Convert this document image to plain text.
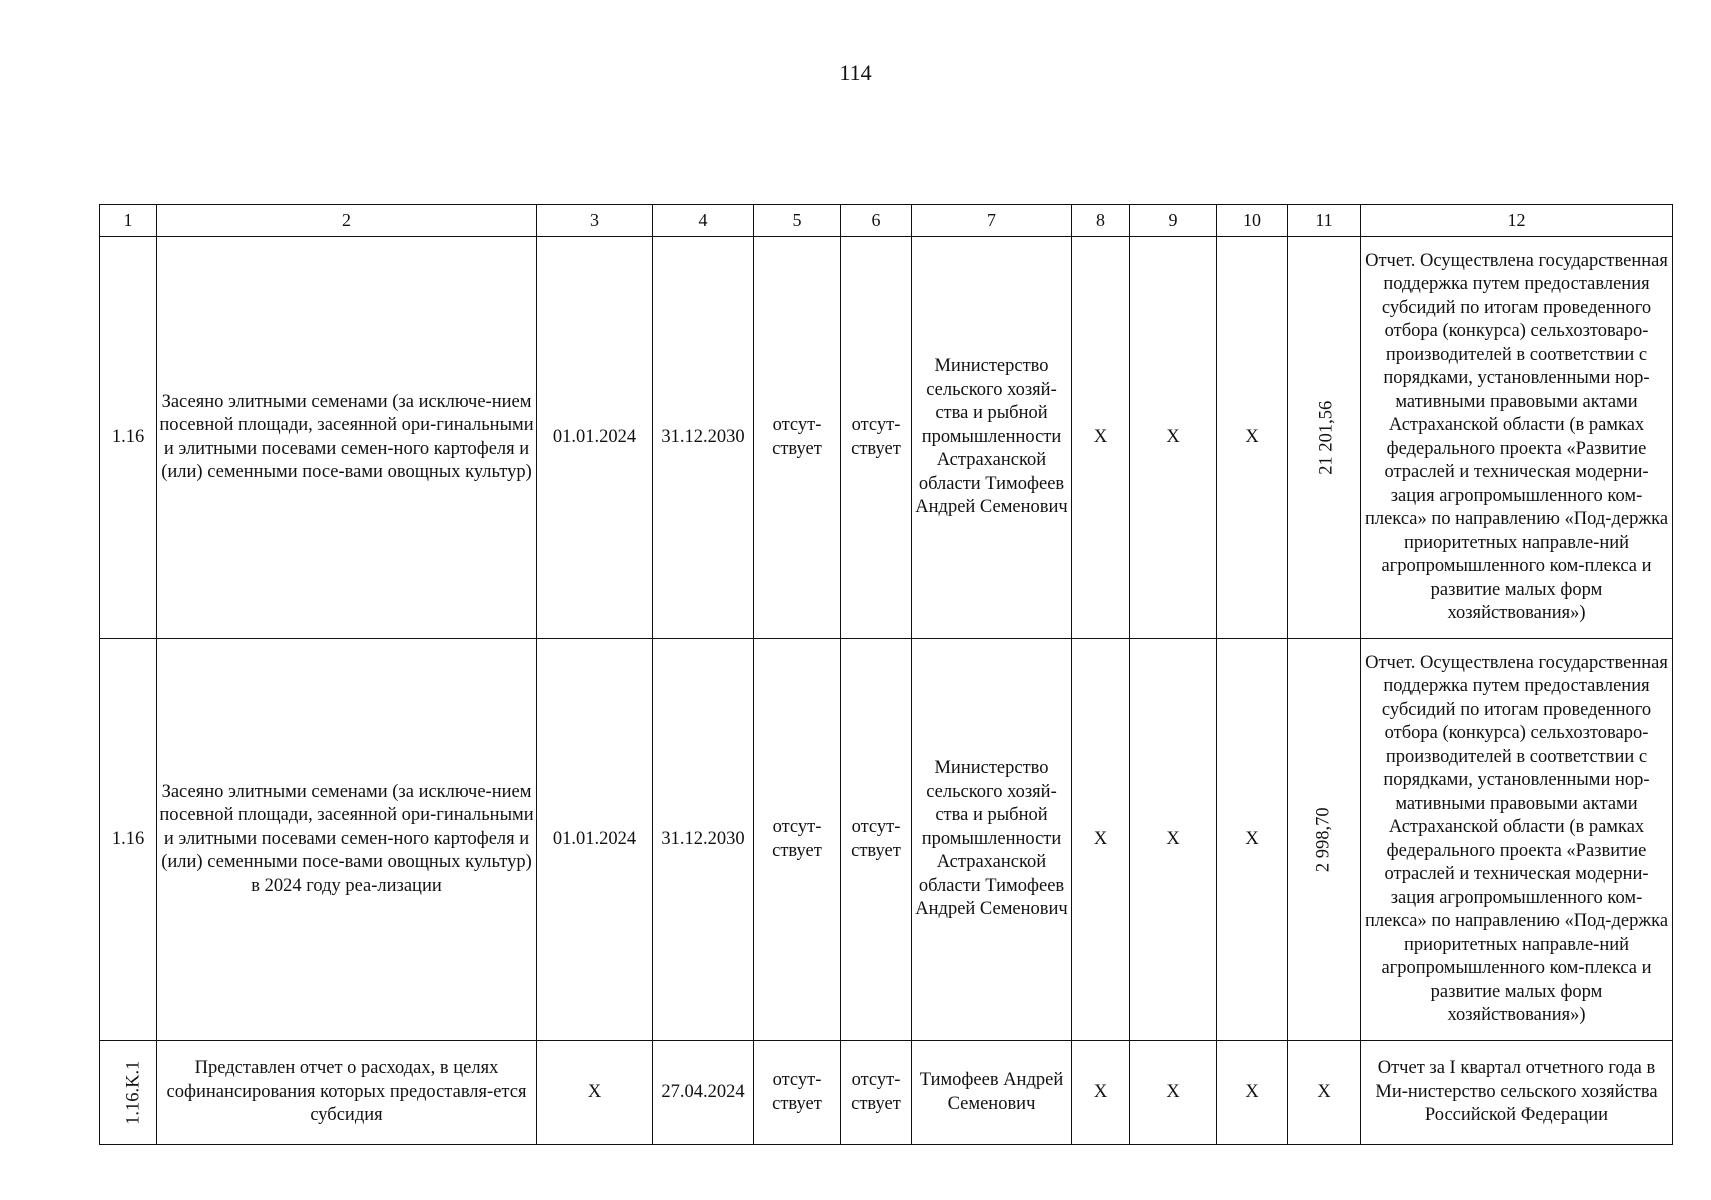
114
1	2	3	4	5	6	7	8	9	10	11	12
1.16	Засеяно элитными семенами (за исключе-нием посевной площади, засеянной ори-гинальными и элитными посевами семен-ного картофеля и (или) семенными посе-вами овощных культур)	01.01.2024	31.12.2030	отсут-ствует	отсут-ствует	Министерство сельского хозяй-ства и рыбной промышленности Астраханской области Тимофеев Андрей Семенович	X	X	X	21 201,56	Отчет. Осуществлена государственная поддержка путем предоставления субсидий по итогам проведенного отбора (конкурса) сельхозтоваро-производителей в соответствии с порядками, установленными нор-мативными правовыми актами Астраханской области (в рамках федерального проекта «Развитие отраслей и техническая модерни-зация агропромышленного ком-плекса» по направлению «Под-держка приоритетных направле-ний агропромышленного ком-плекса и развитие малых форм хозяйствования»)
1.16	Засеяно элитными семенами (за исключе-нием посевной площади, засеянной ори-гинальными и элитными посевами семен-ного картофеля и (или) семенными посе-вами овощных культур) в 2024 году реа-лизации	01.01.2024	31.12.2030	отсут-ствует	отсут-ствует	Министерство сельского хозяй-ства и рыбной промышленности Астраханской области Тимофеев Андрей Семенович	X	X	X	2 998,70	Отчет. Осуществлена государственная поддержка путем предоставления субсидий по итогам проведенного отбора (конкурса) сельхозтоваро-производителей в соответствии с порядками, установленными нор-мативными правовыми актами Астраханской области (в рамках федерального проекта «Развитие отраслей и техническая модерни-зация агропромышленного ком-плекса» по направлению «Под-держка приоритетных направле-ний агропромышленного ком-плекса и развитие малых форм хозяйствования»)
1.16.K.1	Представлен отчет о расходах, в целях софинансирования которых предоставля-ется субсидия	X	27.04.2024	отсут-ствует	отсут-ствует	Тимофеев Андрей Семенович	X	X	X	X	Отчет за I квартал отчетного года в Ми-нистерство сельского хозяйства Российской Федерации
